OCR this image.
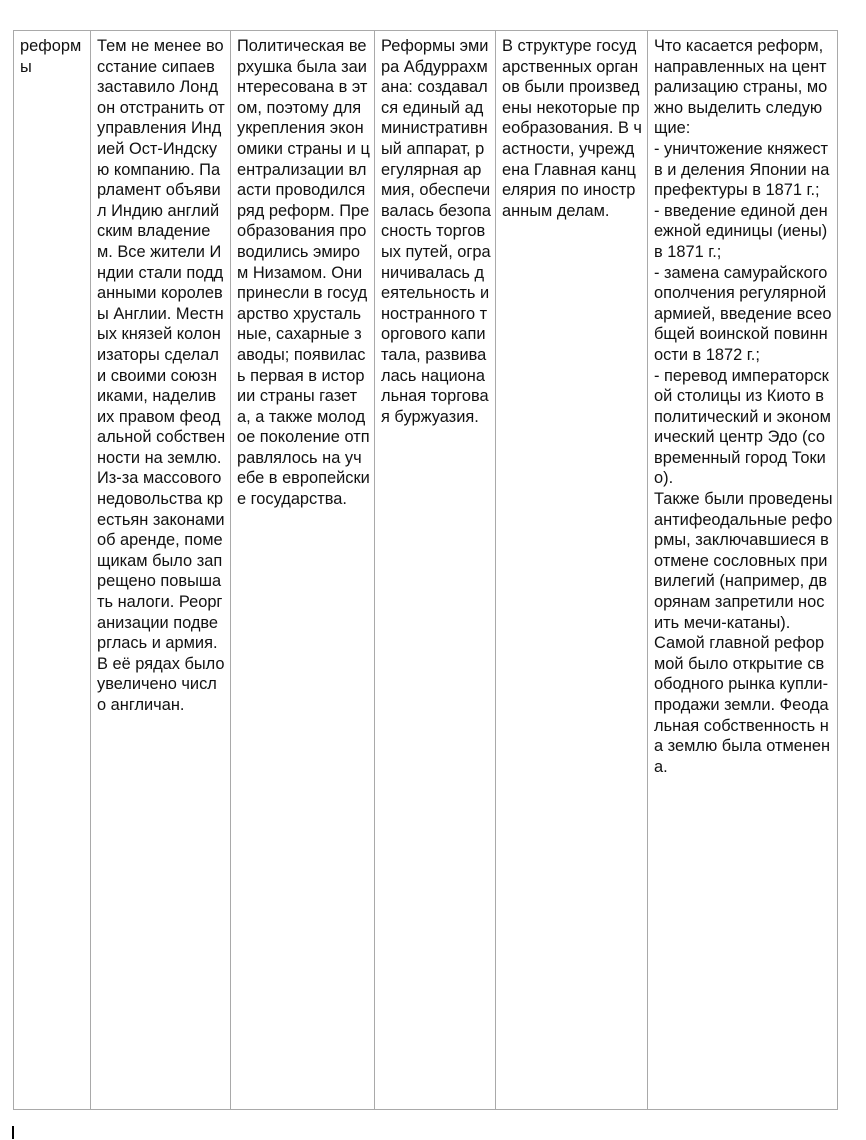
реформы	Тем не менее восстание сипаев заставило Лондон отстранить от управления Индией Ост-Индскую компанию. Парламент объявил Индию английским владением. Все жители Индии стали подданными королевы Англии. Местных князей колонизаторы сделали своими союзниками, наделив их правом феодальной собственности на землю. Из-за массового недовольства крестьян законами об аренде, помещикам было запрещено повышать налоги. Реорганизации подверглась и армия. В её рядах было увеличено число англичан.	Политическая верхушка была заинтересована в этом, поэтому для укрепления экономики страны и централизации власти проводился ряд реформ. Преобразования проводились эмиром Низамом. Они принесли в государство хрустальные, сахарные заводы; появилась первая в истории страны газета, а также молодое поколение отправлялось на учебе в европейские государства.	Реформы эмира Абдуррахмана: создавался единый административный аппарат, регулярная армия, обеспечивалась безопасность торговых путей, ограничивалась деятельность иностранного торгового капитала, развивалась национальная торговая буржуазия.	В структуре государственных органов были произведены некоторые преобразования. В частности, учреждена Главная канцелярия по иностранным делам.	Что касается реформ, направленных на централизацию страны, можно выделить следующие:
- уничтожение княжеств и деления Японии на префектуры в 1871 г.;
- введение единой денежной единицы (иены) в 1871 г.;
- замена самурайского ополчения регулярной армией, введение всеобщей воинской повинности в 1872 г.;
- перевод императорской столицы из Киото в политический и экономический центр Эдо (современный город Токио).
Также были проведены антифеодальные реформы, заключавшиеся в отмене сословных привилегий (например, дворянам запретили носить мечи-катаны).
Самой главной реформой было открытие свободного рынка купли-продажи земли. Феодальная собственность на землю была отменена.
